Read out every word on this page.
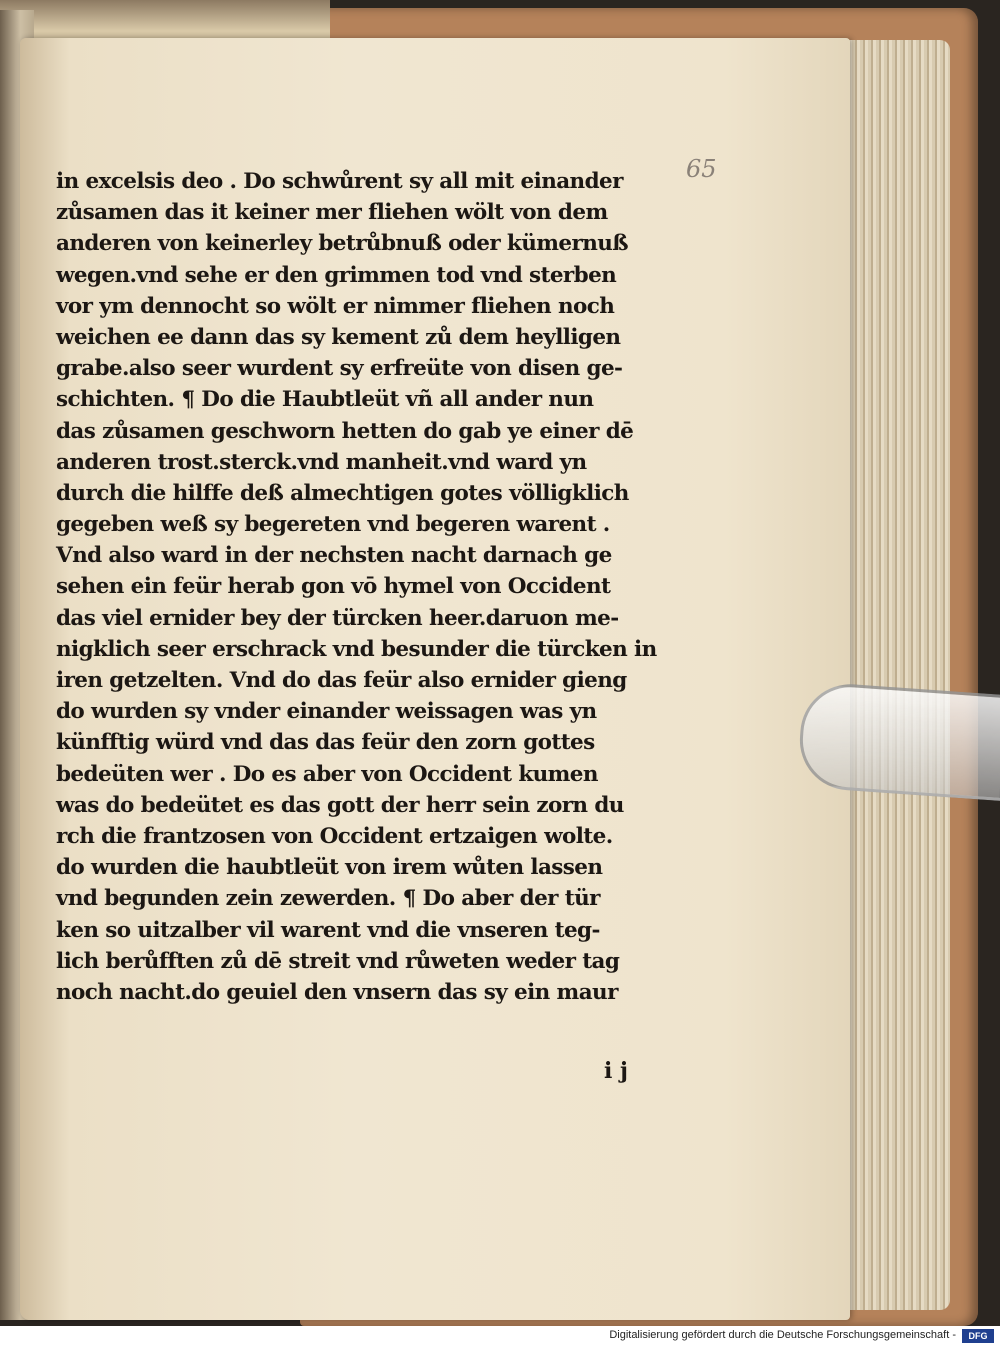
65
in excelsis deo . Do schwůrent sy all mit einander
zůsamen das it keiner mer fliehen wölt von dem
anderen von keinerley betrůbnuß oder kümernuß
wegen.vnd sehe er den grimmen tod vnd sterben
vor ym dennocht so wölt er nimmer fliehen noch
weichen ee dann das sy kement zů dem heylligen
grabe.also seer wurdent sy erfreüte von disen ge-
schichten. ¶ Do die Haubtleüt vñ all ander nun
das zůsamen geschworn hetten do gab ye einer dē
anderen trost.sterck.vnd manheit.vnd ward yn
durch die hilffe deß almechtigen gotes völligklich
gegeben weß sy begereten vnd begeren warent .
Vnd also ward in der nechsten nacht darnach ge
sehen ein feür herab gon vō hymel von Occident
das viel ernider bey der türcken heer.daruon me-
nigklich seer erschrack vnd besunder die türcken in
iren getzelten. Vnd do das feür also ernider gieng
do wurden sy vnder einander weissagen was yn
künfftig würd vnd das das feür den zorn gottes
bedeüten wer . Do es aber von Occident kumen
was do bedeütet es das gott der herr sein zorn du
rch die frantzosen von Occident ertzaigen wolte.
do wurden die haubtleüt von irem wůten lassen
vnd begunden zein zewerden. ¶ Do aber der tür
ken so uitzalber vil warent vnd die vnseren teg-
lich berůfften zů dē streit vnd růweten weder tag
noch nacht.do geuiel den vnsern das sy ein maur
i j
Digitalisierung gefördert durch die Deutsche Forschungsgemeinschaft -	DFG
